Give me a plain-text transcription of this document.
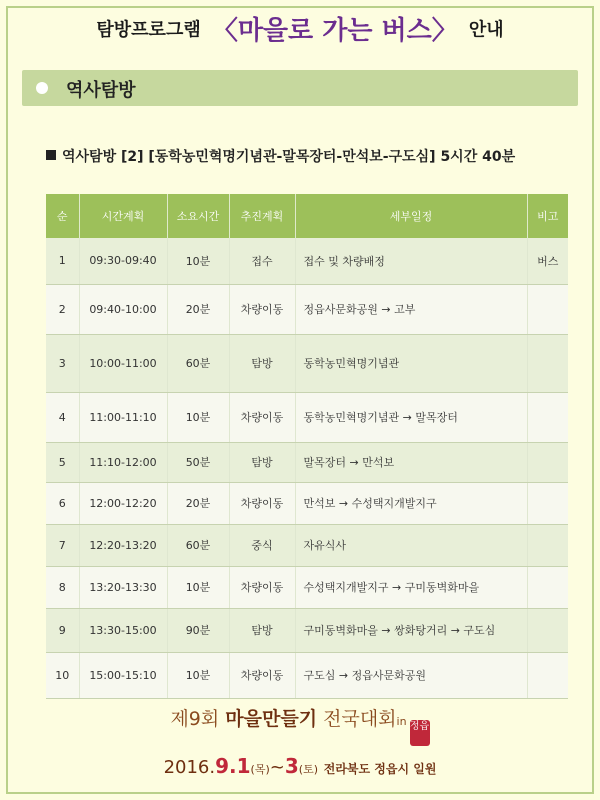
탐방프로그램 〈마을로 가는 버스〉 안내
역사탐방
역사탐방 [2] [동학농민혁명기념관-말목장터-만석보-구도심] 5시간 40분
순	시간계획	소요시간	추진계획	세부일정	비고
1	09:30-09:40	10분	접수	접수 및 차량배정	버스
2	09:40-10:00	20분	차량이동	정읍사문화공원 → 고부	
3	10:00-11:00	60분	탐방	동학농민혁명기념관	
4	11:00-11:10	10분	차량이동	동학농민혁명기념관 → 말목장터	
5	11:10-12:00	50분	탐방	말목장터 → 만석보	
6	12:00-12:20	20분	차량이동	만석보 → 수성택지개발지구	
7	12:20-13:20	60분	중식	자유식사	
8	13:20-13:30	10분	차량이동	수성택지개발지구 → 구미동벽화마을	
9	13:30-15:00	90분	탐방	구미동벽화마을 → 쌍화탕거리 → 구도심	
10	15:00-15:10	10분	차량이동	구도심 → 정읍사문화공원	
제9회 마을만들기 전국대회in 정읍
2016.9.1(목)~3(토) 전라북도 정읍시 일원
